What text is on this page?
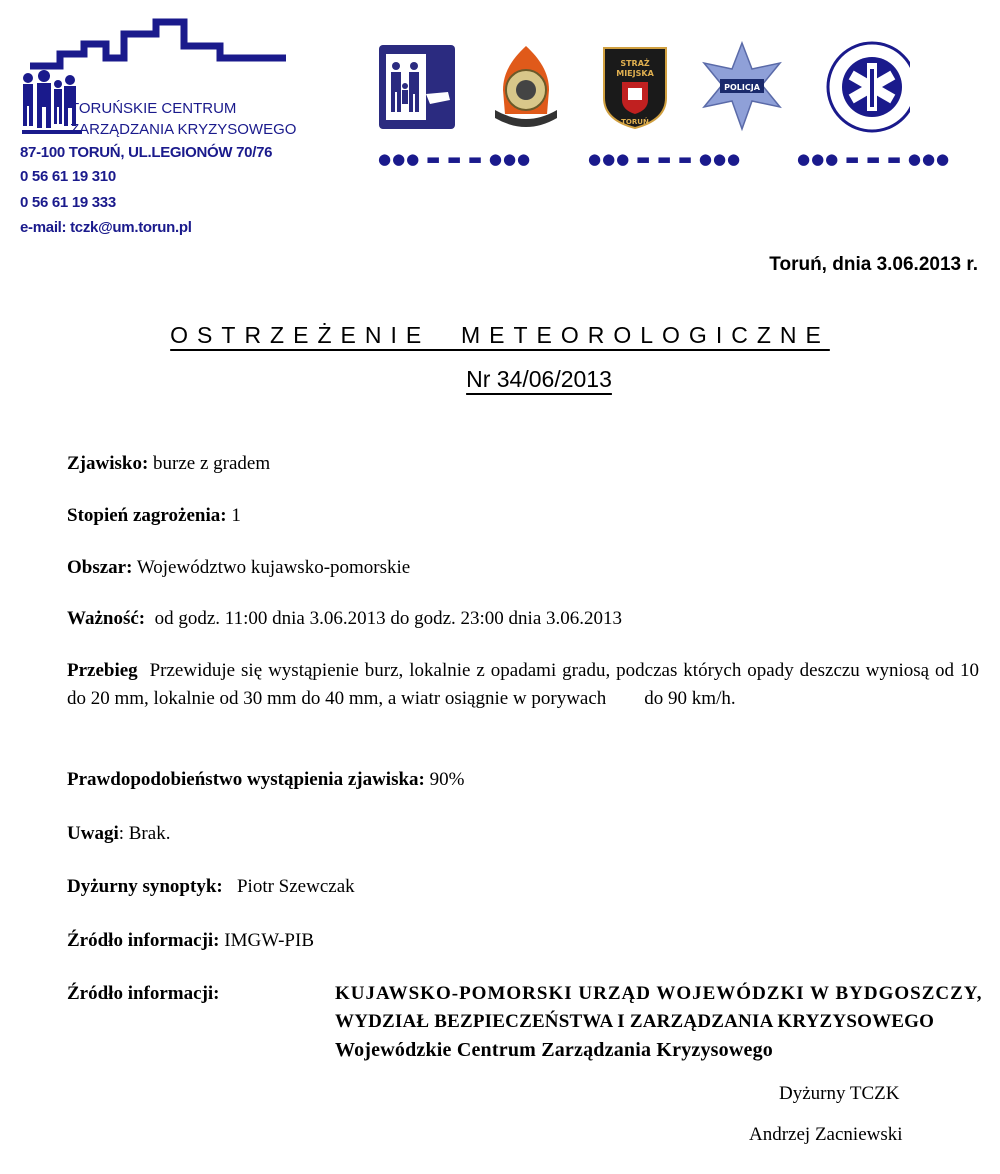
TORUŃSKIE CENTRUM
ZARZĄDZANIA KRYZYSOWEGO
87-100 TORUŃ, UL.LEGIONÓW 70/76
0 56 61 19 310
0 56 61 19 333
e-mail: tczk@um.torun.pl
STRAŻ
MIEJSKA
TORUŃ
POLICJA
●●● ▬ ▬ ▬ ●●●	●●● ▬ ▬ ▬ ●●●	●●● ▬ ▬ ▬ ●●●
Toruń, dnia 3.06.2013 r.
OSTRZEŻENIE  METEOROLOGICZNE
Nr 34/06/2013
Zjawisko: burze z gradem
Stopień zagrożenia: 1
Obszar: Województwo kujawsko-pomorskie
Ważność:  od godz. 11:00 dnia 3.06.2013 do godz. 23:00 dnia 3.06.2013
Przebieg  Przewiduje się wystąpienie burz, lokalnie z opadami gradu, podczas których opady deszczu wyniosą od 10 do 20 mm, lokalnie od 30 mm do 40 mm, a wiatr osiągnie w porywach        do 90 km/h.
Prawdopodobieństwo wystąpienia zjawiska: 90%
Uwagi: Brak.
Dyżurny synoptyk:   Piotr Szewczak
Źródło informacji: IMGW-PIB
Źródło informacji:	KUJAWSKO-POMORSKI URZĄD WOJEWÓDZKI W BYDGOSZCZY,
WYDZIAŁ BEZPIECZEŃSTWA I ZARZĄDZANIA KRYZYSOWEGO
Wojewódzkie Centrum Zarządzania Kryzysowego
Dyżurny TCZK
Andrzej Zacniewski
